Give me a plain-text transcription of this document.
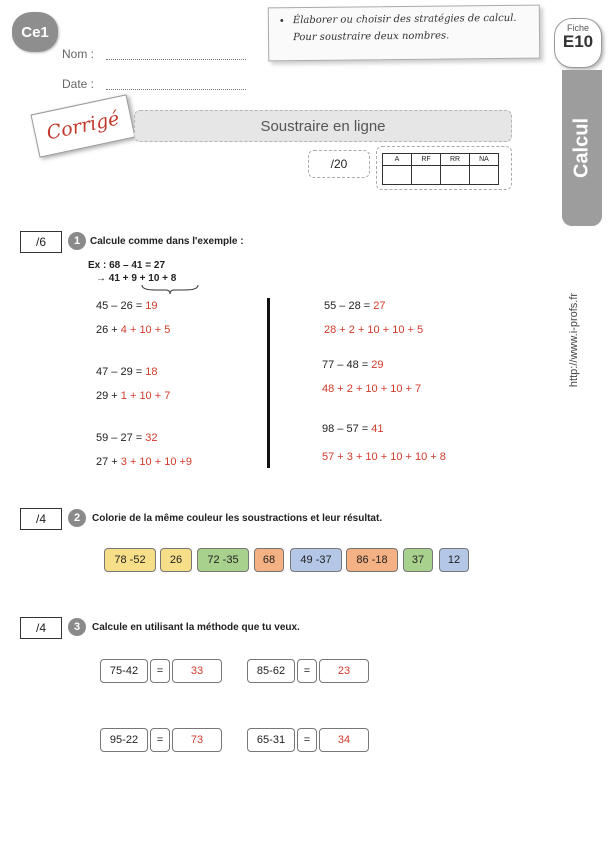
Ce1
Nom :
Date :
• Élaborer ou choisir des stratégies de calcul. Pour soustraire deux nombres.
Fiche
E10
Calcul
Corrigé	Soustraire en ligne
/20	A	RF	RR	NA

http://www.i-profs.fr
/6	1 Calcule comme dans l'exemple :
Ex : 68 – 41 = 27
→ 41 + 9 + 10 + 8
45 – 26 = 19
26 + 4 + 10 + 5
47 – 29 = 18
29 + 1 + 10 + 7
59 – 27 = 32
27 + 3 + 10 + 10 +9
55 – 28 = 27
28 + 2 + 10 + 10 + 5
77 – 48 = 29
48 + 2 + 10 + 10 + 7
98 – 57 = 41
57 + 3 + 10 + 10 + 10 + 8
/4	2	Colorie de la même couleur les soustractions et leur résultat.
78 -52	26	72 -35	68	49 -37	86 -18	37	12
/4	3	Calcule en utilisant la méthode que tu veux.
75-42	=	33	85-62	=	23
95-22	=	73	65-31	=	34
